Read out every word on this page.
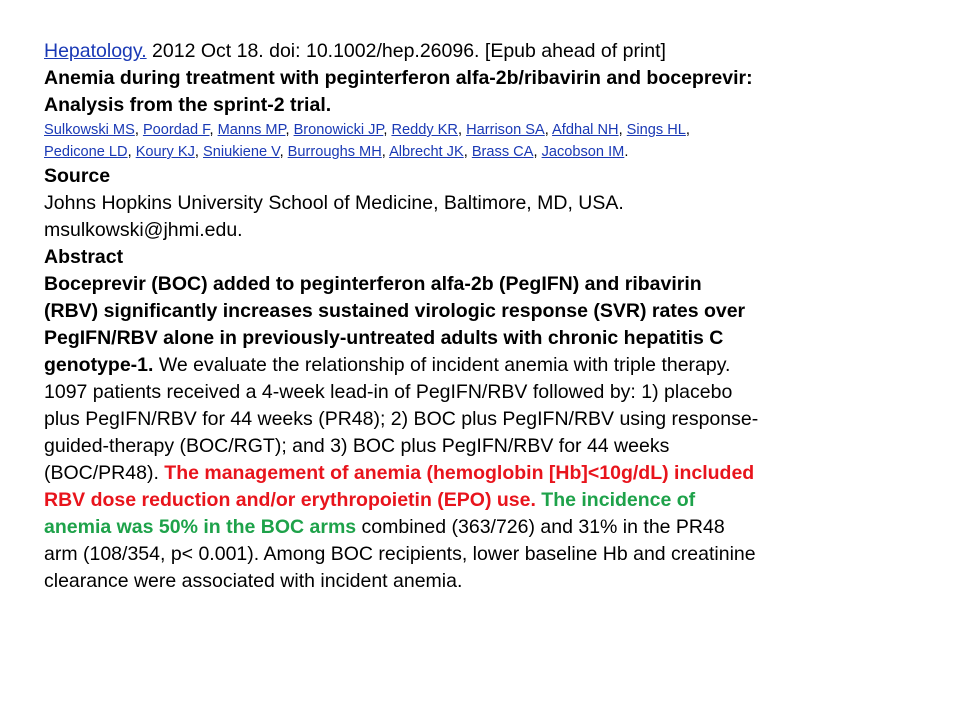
Hepatology. 2012 Oct 18. doi: 10.1002/hep.26096. [Epub ahead of print]
Anemia during treatment with peginterferon alfa-2b/ribavirin and boceprevir:
Analysis from the sprint-2 trial.
Sulkowski MS, Poordad F, Manns MP, Bronowicki JP, Reddy KR, Harrison SA, Afdhal NH, Sings HL,
Pedicone LD, Koury KJ, Sniukiene V, Burroughs MH, Albrecht JK, Brass CA, Jacobson IM.
Source
Johns Hopkins University School of Medicine, Baltimore, MD, USA.
msulkowski@jhmi.edu.
Abstract
Boceprevir (BOC) added to peginterferon alfa-2b (PegIFN) and ribavirin
(RBV) significantly increases sustained virologic response (SVR) rates over
PegIFN/RBV alone in previously-untreated adults with chronic hepatitis C
genotype-1. We evaluate the relationship of incident anemia with triple therapy.
1097 patients received a 4-week lead-in of PegIFN/RBV followed by: 1) placebo
plus PegIFN/RBV for 44 weeks (PR48); 2) BOC plus PegIFN/RBV using response-
guided-therapy (BOC/RGT); and 3) BOC plus PegIFN/RBV for 44 weeks
(BOC/PR48). The management of anemia (hemoglobin [Hb]<10g/dL) included
RBV dose reduction and/or erythropoietin (EPO) use. The incidence of
anemia was 50% in the BOC arms combined (363/726) and 31% in the PR48
arm (108/354, p< 0.001). Among BOC recipients, lower baseline Hb and creatinine
clearance were associated with incident anemia.
